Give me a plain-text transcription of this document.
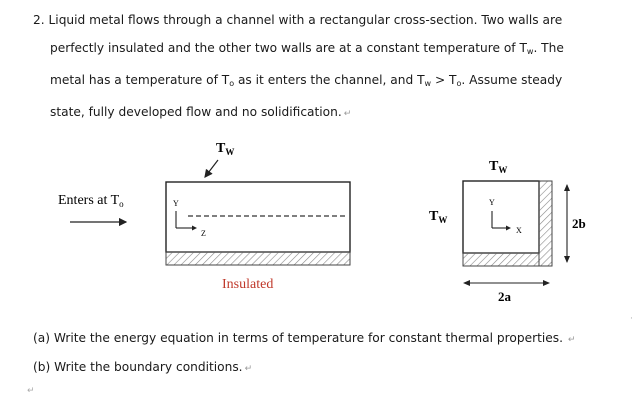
2. Liquid metal flows through a channel with a rectangular cross-section. Two walls are
perfectly insulated and the other two walls are at a constant temperature of $T_w$. The
metal has a temperature of $T_o$ as it enters the channel, and $T_w > T_o$. Assume steady
state, fully developed flow and no solidification. ↵
$T_W$
Enters at $T_o$	Y
Z
Insulated
$T_W$
$T_W$
Y
X	2b
2a
(a) Write the energy equation in terms of temperature for constant thermal properties. ↵
(b) Write the boundary conditions. ↵
↵
·
